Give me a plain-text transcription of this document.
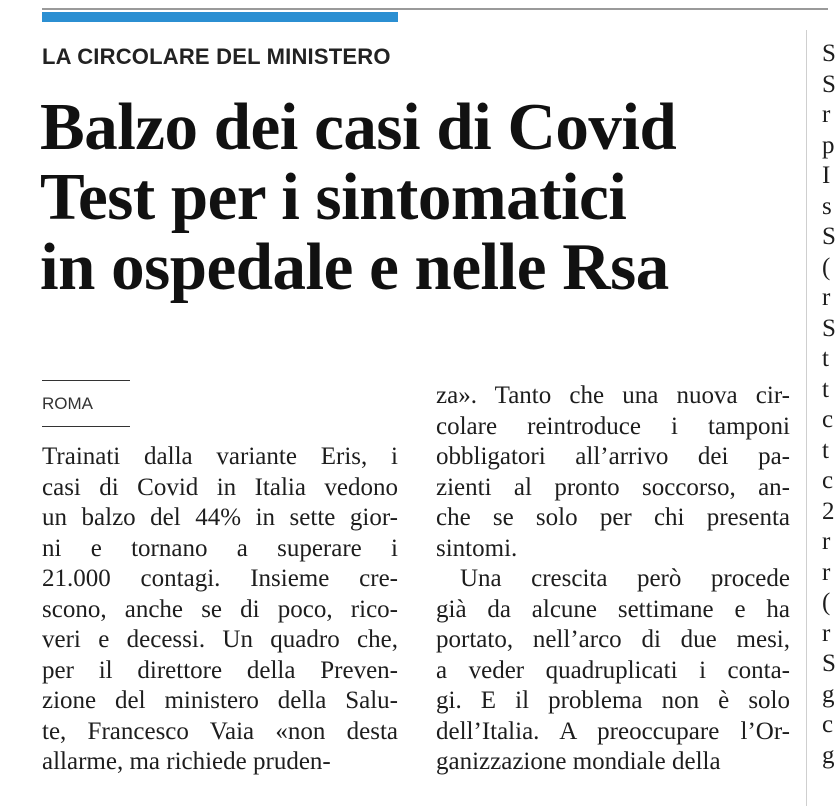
LA CIRCOLARE DEL MINISTERO
Balzo dei casi di Covid
Test per i sintomatici
in ospedale e nelle Rsa
ROMA
Trainati dalla variante Eris, i
casi di Covid in Italia vedono
un balzo del 44% in sette gior-
ni e tornano a superare i
21.000 contagi. Insieme cre-
scono, anche se di poco, rico-
veri e decessi. Un quadro che,
per il direttore della Preven-
zione del ministero della Salu-
te, Francesco Vaia «non desta
allarme, ma richiede pruden-
za». Tanto che una nuova cir-
colare reintroduce i tamponi
obbligatori all’arrivo dei pa-
zienti al pronto soccorso, an-
che se solo per chi presenta
sintomi.
Una crescita però procede
già da alcune settimane e ha
portato, nell’arco di due mesi,
a veder quadruplicati i conta-
gi. E il problema non è solo
dell’Italia. A preoccupare l’Or-
ganizzazione mondiale della
S
S
r
p
I
s
S
(
r
S
t
t
c
t
c
2
r
r
(
r
S
g
c
g
